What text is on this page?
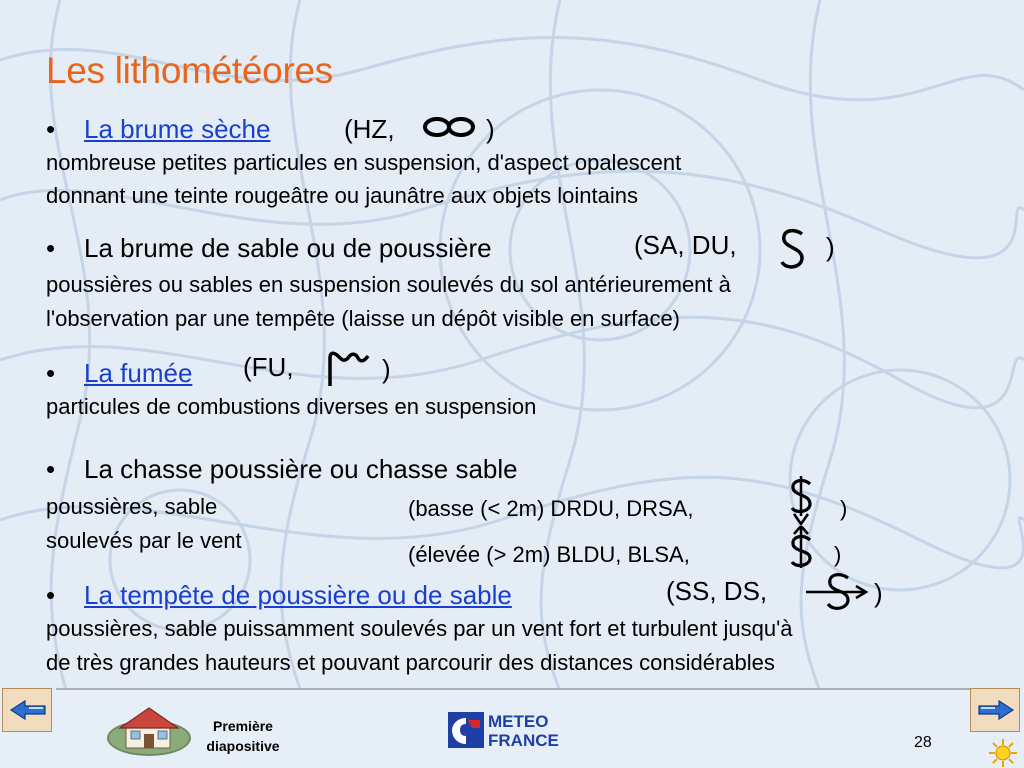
Les lithométéores
• La brume sèche	(HZ,	)
nombreuse petites particules en suspension, d'aspect opalescent
donnant une teinte rougeâtre ou jaunâtre aux objets lointains
• La brume de sable ou de poussière	(SA, DU,	)
poussières ou sables en suspension soulevés du sol antérieurement à
l'observation par une tempête (laisse un dépôt visible en surface)
• La fumée (FU,	)
particules de combustions diverses en suspension
• La chasse poussière ou chasse sable
poussières, sable
soulevés par le vent
(basse (< 2m) DRDU, DRSA,	)
(élevée (> 2m) BLDU, BLSA,	)
• La tempête de poussière ou de sable	(SS, DS,	)
poussières, sable puissamment soulevés par un vent fort et turbulent jusqu'à
de très grandes hauteurs et pouvant parcourir des distances considérables
Première
diapositive
METEO
FRANCE	28
